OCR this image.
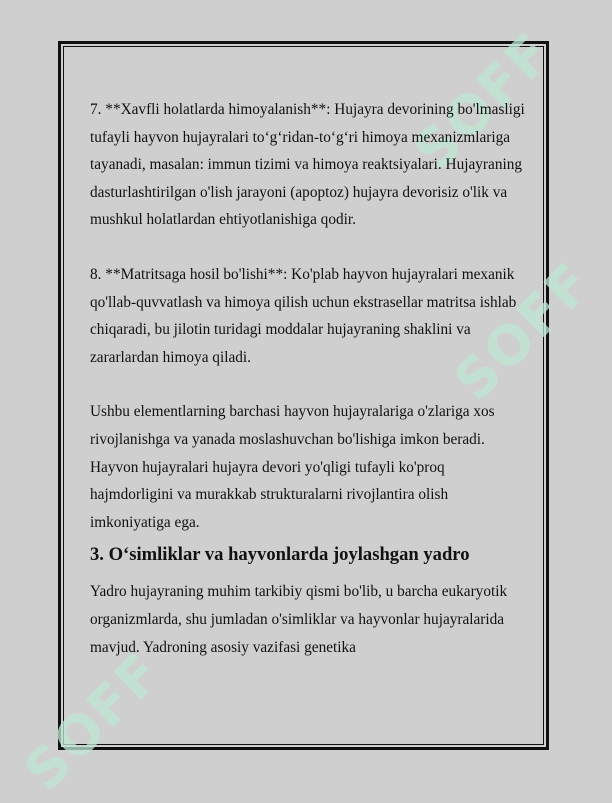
SOFF
SOFF
SOFF

7. **Xavfli holatlarda himoyalanish**: Hujayra devorining bo'lmasligi tufayli hayvon hujayralari to‘g‘ridan-to‘g‘ri himoya mexanizmlariga tayanadi, masalan: immun tizimi va himoya reaktsiyalari. Hujayraning dasturlashtirilgan o'lish jarayoni (apoptoz) hujayra devorisiz o'lik va mushkul holatlardan ehtiyotlanishiga qodir.

8. **Matritsaga hosil bo'lishi**: Ko'plab hayvon hujayralari mexanik qo'llab-quvvatlash va himoya qilish uchun ekstrasellar matritsa ishlab chiqaradi, bu jilotin turidagi moddalar hujayraning shaklini va zararlardan himoya qiladi.

Ushbu elementlarning barchasi hayvon hujayralariga o'zlariga xos rivojlanishga va yanada moslashuvchan bo'lishiga imkon beradi. Hayvon hujayralari hujayra devori yo'qligi tufayli ko'proq hajmdorligini va murakkab strukturalarni rivojlantira olish imkoniyatiga ega.

3. O‘simliklar va hayvonlarda joylashgan yadro

Yadro hujayraning muhim tarkibiy qismi bo'lib, u barcha eukaryotik organizmlarda, shu jumladan o'simliklar va hayvonlar hujayralarida mavjud. Yadroning asosiy vazifasi genetika
